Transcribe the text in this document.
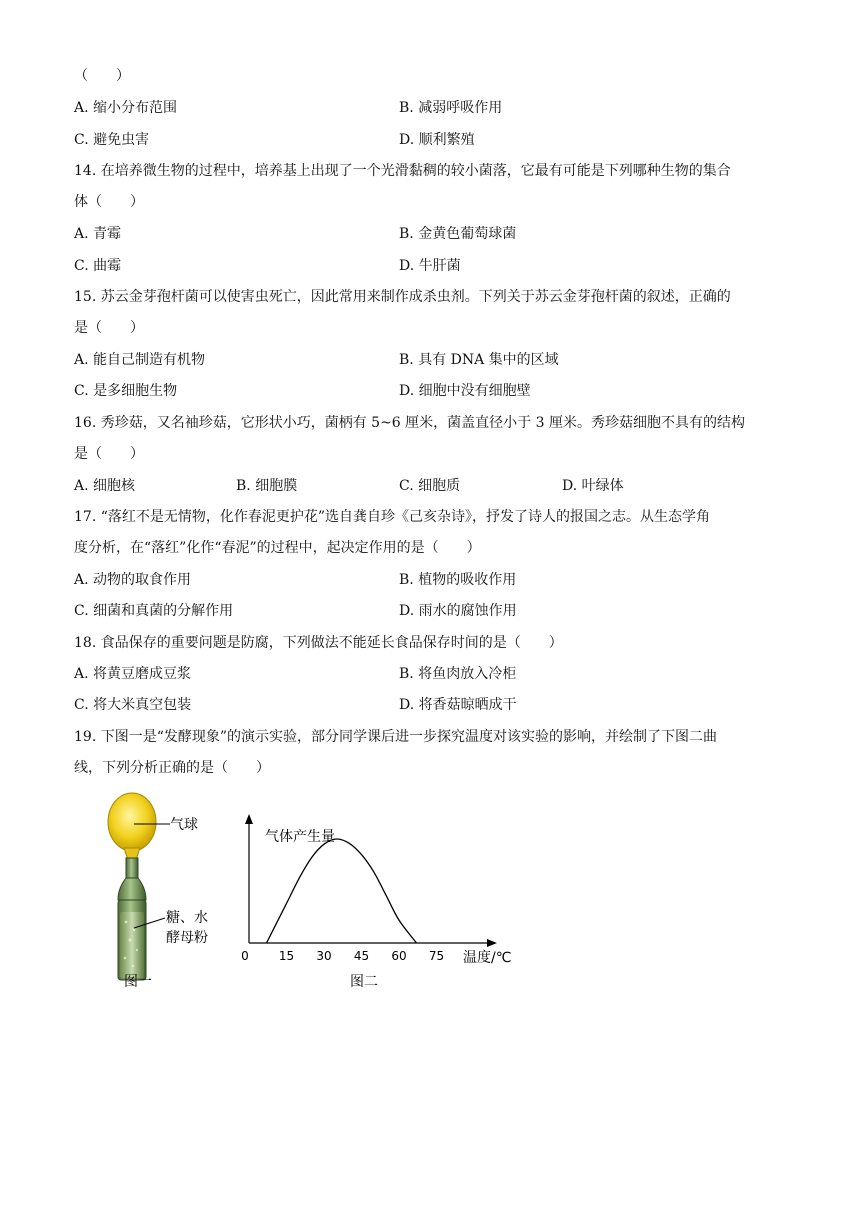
（　　）
A. 缩小分布范围	B. 减弱呼吸作用
C. 避免虫害	D. 顺利繁殖
14. 在培养微生物的过程中，培养基上出现了一个光滑黏稠的较小菌落，它最有可能是下列哪种生物的集合
体（　　）
A. 青霉	B. 金黄色葡萄球菌
C. 曲霉	D. 牛肝菌
15. 苏云金芽孢杆菌可以使害虫死亡，因此常用来制作成杀虫剂。下列关于苏云金芽孢杆菌的叙述，正确的
是（　　）
A. 能自己制造有机物	B. 具有 DNA 集中的区域
C. 是多细胞生物	D. 细胞中没有细胞壁
16. 秀珍菇，又名袖珍菇，它形状小巧，菌柄有 5~6 厘米，菌盖直径小于 3 厘米。秀珍菇细胞不具有的结构
是（　　）
A. 细胞核	B. 细胞膜	C. 细胞质	D. 叶绿体
17. “落红不是无情物，化作春泥更护花”选自龚自珍《己亥杂诗》，抒发了诗人的报国之志。从生态学角
度分析，在“落红”化作“春泥”的过程中，起决定作用的是（　　）
A. 动物的取食作用	B. 植物的吸收作用
C. 细菌和真菌的分解作用	D. 雨水的腐蚀作用
18. 食品保存的重要问题是防腐，下列做法不能延长食品保存时间的是（　　）
A. 将黄豆磨成豆浆	B. 将鱼肉放入冷柜
C. 将大米真空包装	D. 将香菇晾晒成干
19. 下图一是“发酵现象”的演示实验，部分同学课后进一步探究温度对该实验的影响，并绘制了下图二曲
线，下列分析正确的是（　　）
气球
糖、水
酵母粉
图一
气体产生量
温度/℃
0	15 30 45 60 75
图二
